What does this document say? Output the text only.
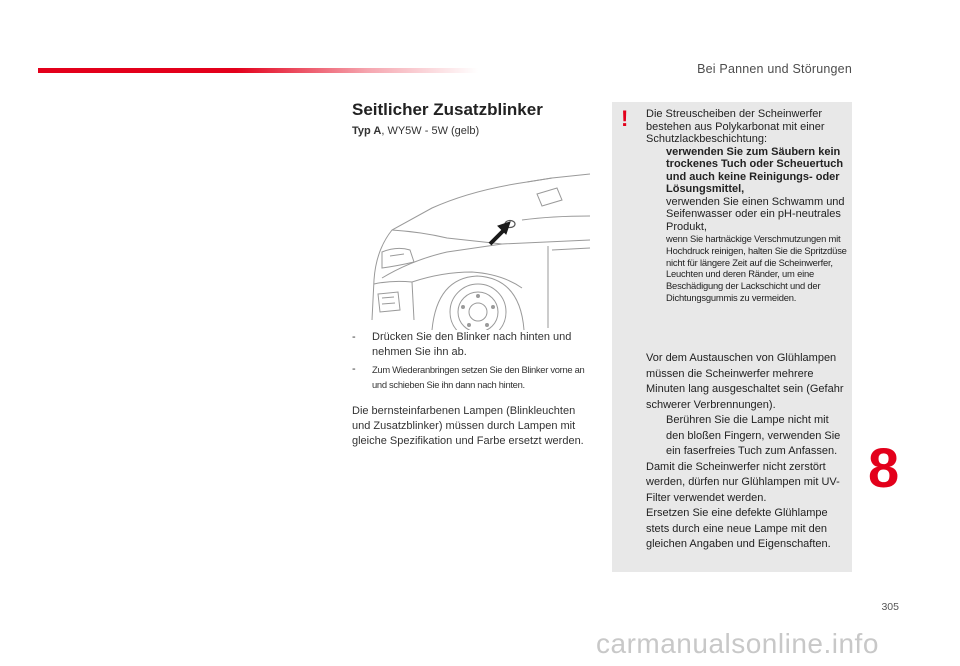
Bei Pannen und Störungen
Seitlicher Zusatzblinker
Typ A, WY5W - 5W (gelb)
- Drücken Sie den Blinker nach hinten und nehmen Sie ihn ab.
- Zum Wiederanbringen setzen Sie den Blinker vorne an und schieben Sie ihn dann nach hinten.
Die bernsteinfarbenen Lampen (Blinkleuchten und Zusatzblinker) müssen durch Lampen mit gleiche Spezifikation und Farbe ersetzt werden.
! Die Streuscheiben der Scheinwerfer bestehen aus Polykarbonat mit einer Schutzlackbeschichtung:
verwenden Sie zum Säubern kein trockenes Tuch oder Scheuertuch und auch keine Reinigungs- oder Lösungsmittel,
verwenden Sie einen Schwamm und Seifenwasser oder ein pH-neutrales Produkt,
wenn Sie hartnäckige Verschmutzungen mit Hochdruck reinigen, halten Sie die Spritzdüse nicht für längere Zeit auf die Scheinwerfer, Leuchten und deren Ränder, um eine Beschädigung der Lackschicht und der Dichtungsgummis zu vermeiden.
Vor dem Austauschen von Glühlampen müssen die Scheinwerfer mehrere Minuten lang ausgeschaltet sein (Gefahr schwerer Verbrennungen).
Berühren Sie die Lampe nicht mit den bloßen Fingern, verwenden Sie ein faserfreies Tuch zum Anfassen.
Damit die Scheinwerfer nicht zerstört werden, dürfen nur Glühlampen mit UV-Filter verwendet werden.
Ersetzen Sie eine defekte Glühlampe stets durch eine neue Lampe mit den gleichen Angaben und Eigenschaften.
8
305
carmanualsonline.info
